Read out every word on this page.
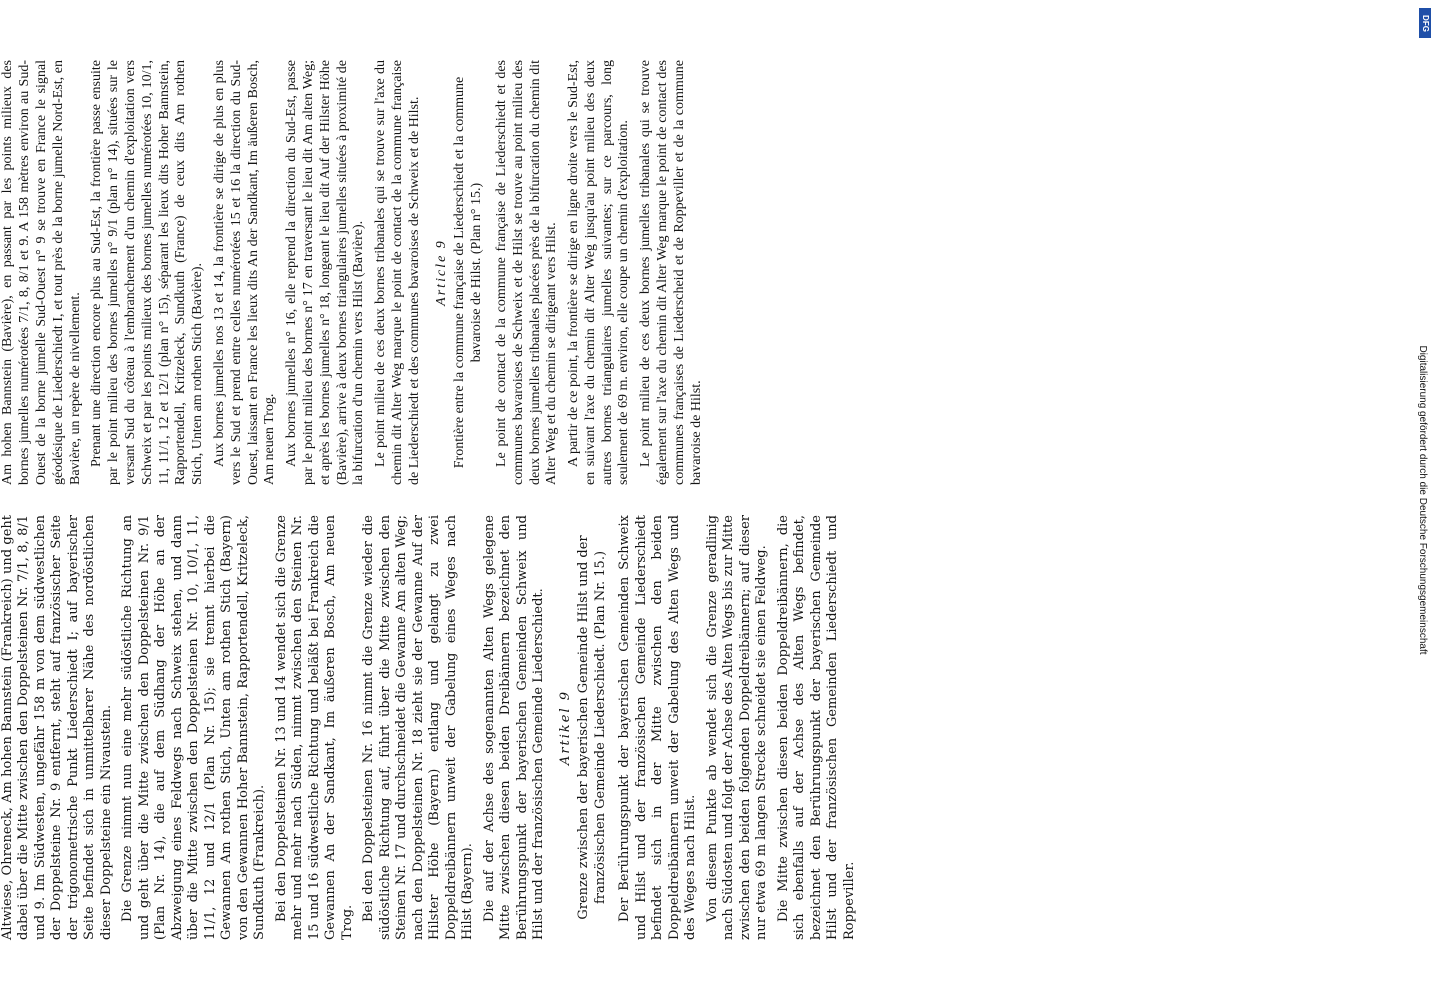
Altwiese, Ohreneck, Am hohen Bannstein (Frankreich) und geht dabei über die Mitte zwischen den Doppelsteinen Nr. 7/1, 8, 8/1 und 9. Im Südwesten, ungefähr 158 m von dem südwestlichen der Doppelsteine Nr. 9 entfernt, steht auf französischer Seite der trigonometrische Punkt Liederschiedt I; auf bayerischer Seite befindet sich in unmittelbarer Nähe des nordöstlichen dieser Doppelsteine ein Nivaustein. Die Grenze nimmt nun eine mehr südöstliche Richtung an und geht über die Mitte zwischen den Doppelsteinen Nr. 9/1 (Plan Nr. 14), die auf dem Südhang der Höhe an der Abzweigung eines Feldwegs nach Schweix stehen, und dann über die Mitte zwischen den Doppelsteinen Nr. 10, 10/1, 11, 11/1, 12 und 12/1 (Plan Nr. 15); sie trennt hierbei die Gewannen Am rothen Stich, Unten am rothen Stich (Bayern) von den Gewannen Hoher Bannstein, Rapportendell, Kritzeleck, Sundkuth (Frankreich). Bei den Doppelsteinen Nr. 13 und 14 wendet sich die Grenze mehr und mehr nach Süden, nimmt zwischen den Steinen Nr. 15 und 16 südwestliche Richtung und beläßt bei Frankreich die Gewannen An der Sandkant, Im äußeren Bosch, Am neuen Trog.

Bei den Doppelsteinen Nr. 16 nimmt die Grenze wieder die südöstliche Richtung auf, führt über die Mitte zwischen den Steinen Nr. 17 und durchschneidet die Gewanne Am alten Weg; nach den Doppelsteinen Nr. 18 zieht sie der Gewanne Auf der Hilster Höhe (Bayern) entlang und gelangt zu zwei Doppeldreibännern unweit der Gabelung eines Weges nach Hilst (Bayern). Die auf der Achse des sogenannten Alten Wegs gelegene Mitte zwischen diesen beiden Dreibännern bezeichnet den Berührungspunkt der bayerischen Gemeinden Schweix und Hilst und der französischen Gemeinde Liederschiedt. Artikel 9 Grenze zwischen der bayerischen Gemeinde Hilst und der französischen Gemeinde Liederschiedt. (Plan Nr. 15.) Der Berührungspunkt der bayerischen Gemeinden Schweix und Hilst und der französischen Gemeinde Liederschiedt befindet sich in der Mitte zwischen den beiden Doppeldreibännern unweit der Gabelung des Alten Wegs und des Weges nach Hilst. Von diesem Punkte ab wendet sich die Grenze geradlinig nach Südosten und folgt der Achse des Alten Wegs bis zur Mitte zwischen den beiden folgenden Doppeldreibännern; auf dieser nur etwa 69 m langen Strecke schneidet sie einen Feldweg. Die Mitte zwischen diesen beiden Doppeldreibännern, die sich ebenfalls auf der Achse des Alten Wegs befindet, bezeichnet den Berührungspunkt der bayerischen Gemeinde Hilst und der französischen Gemeinden Liederschiedt und Roppeviller.

Am hohen Bannstein (Bavière), en passant par les points milieux des bornes jumelles numérotées 7/1, 8, 8/1 et 9. A 158 mètres environ au Sud-Ouest de la borne jumelle Sud-Ouest n° 9 se trouve en France le signal géodésique de Liederschiedt I, et tout près de la borne jumelle Nord-Est, en Bavière, un repère de nivellement. Prenant une direction encore plus au Sud-Est, la frontière passe ensuite par le point milieu des bornes jumelles n° 9/1 (plan n° 14), situées sur le versant Sud du côteau à l'embranchement d'un chemin d'exploitation vers Schweix et par les points milieux des bornes jumelles numérotées 10, 10/1, 11, 11/1, 12 et 12/1 (plan n° 15), séparant les lieux dits Hoher Bannstein, Rapportendell, Kritzeleck, Sundkuth (France) de ceux dits Am rothen Stich, Unten am rothen Stich (Bavière). Aux bornes jumelles nos 13 et 14, la frontière se dirige de plus en plus vers le Sud et prend entre celles numérotées 15 et 16 la direction du Sud-Ouest, laissant en France les lieux dits An der Sandkant, Im äußeren Bosch, Am neuen Trog. Aux bornes jumelles n° 16, elle reprend la direction du Sud-Est, passe par le point milieu des bornes n° 17 en traversant le lieu dit Am alten Weg; et après les bornes jumelles n° 18, longeant le lieu dit Auf der Hilster Höhe (Bavière), arrive à deux bornes triangulaires jumelles situées à proximité de la bifurcation d'un chemin vers Hilst (Bavière). Le point milieu de ces deux bornes tribanales qui se trouve sur l'axe du chemin dit Alter Weg marque le point de contact de la commune française de Liederschiedt et des communes bavaroises de Schweix et de Hilst. Article 9 Frontière entre la commune française de Liederschiedt et la commune bavaroise de Hilst. (Plan n° 15.) Le point de contact de la commune française de Liederschiedt et des communes bavaroises de Schweix et de Hilst se trouve au point milieu des deux bornes jumelles tribanales placées près de la bifurcation du chemin dit Alter Weg et du chemin se dirigeant vers Hilst. A partir de ce point, la frontière se dirige en ligne droite vers le Sud-Est, en suivant l'axe du chemin dit Alter Weg jusqu'au point milieu des deux autres bornes triangulaires jumelles suivantes; sur ce parcours, long seulement de 69 m. environ, elle coupe un chemin d'exploitation. Le point milieu de ces deux bornes jumelles tribanales qui se trouve également sur l'axe du chemin dit Alter Weg marque le point de contact des communes françaises de Liederscheid et de Roppeviller et de la commune bavaroise de Hilst.

DFG
Digitalisierung gefördert durch die Deutsche Forschungsgemeinschaft
